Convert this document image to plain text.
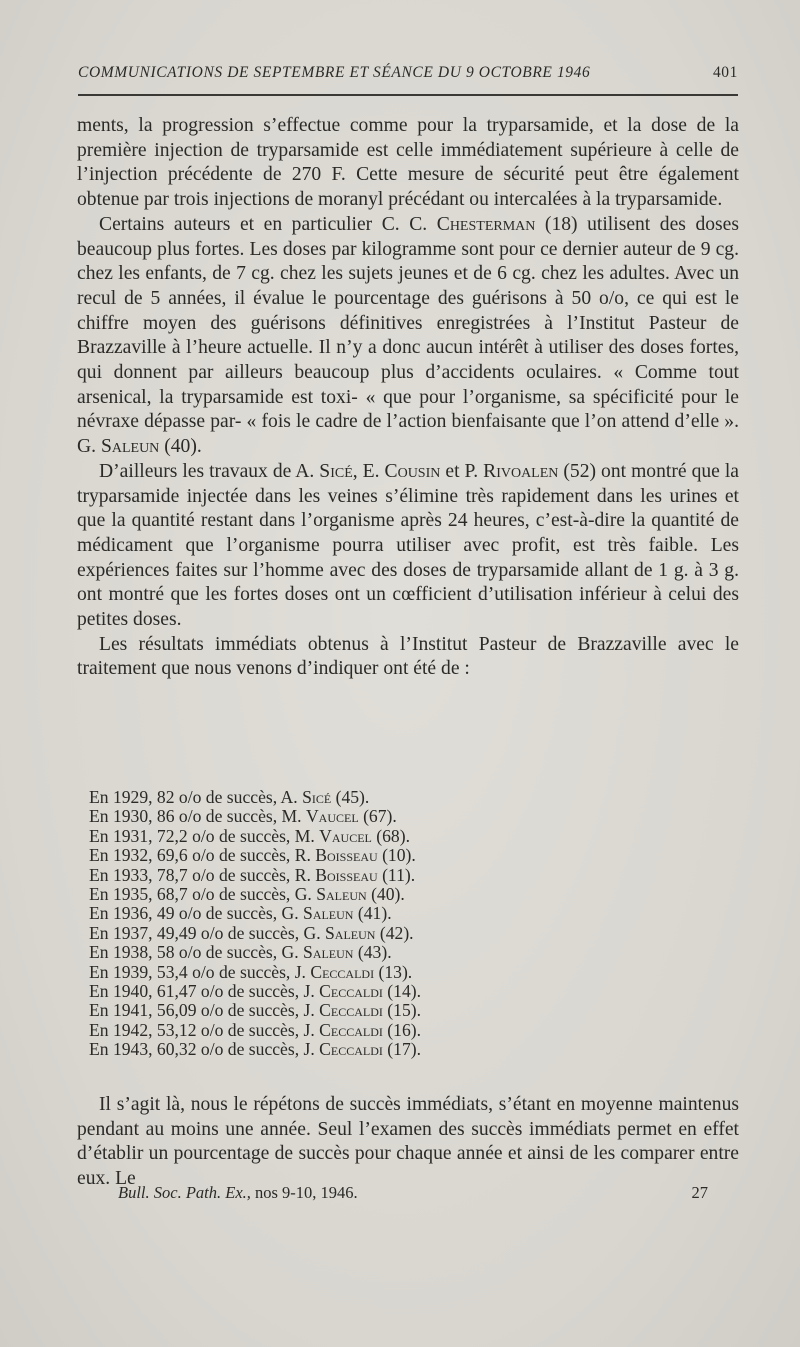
COMMUNICATIONS DE SEPTEMBRE ET SÉANCE DU 9 OCTOBRE 1946	401

ments, la progression s’effectue comme pour la tryparsamide, et la dose de la première injection de tryparsamide est celle immédiatement supérieure à celle de l’injection précédente de 270 F. Cette mesure de sécurité peut être également obtenue par trois injections de moranyl précédant ou intercalées à la tryparsamide.

Certains auteurs et en particulier C. C. Chesterman (18) utilisent des doses beaucoup plus fortes. Les doses par kilogramme sont pour ce dernier auteur de 9 cg. chez les enfants, de 7 cg. chez les sujets jeunes et de 6 cg. chez les adultes. Avec un recul de 5 années, il évalue le pourcentage des guérisons à 50 o/o, ce qui est le chiffre moyen des guérisons définitives enregistrées à l’Institut Pasteur de Brazzaville à l’heure actuelle. Il n’y a donc aucun intérêt à utiliser des doses fortes, qui donnent par ailleurs beaucoup plus d’accidents oculaires. « Comme tout arsenical, la tryparsamide est toxi- « que pour l’organisme, sa spécificité pour le névraxe dépasse par- « fois le cadre de l’action bienfaisante que l’on attend d’elle ». G. Saleun (40).

D’ailleurs les travaux de A. Sicé, E. Cousin et P. Rivoalen (52) ont montré que la tryparsamide injectée dans les veines s’élimine très rapidement dans les urines et que la quantité restant dans l’organisme après 24 heures, c’est-à-dire la quantité de médicament que l’organisme pourra utiliser avec profit, est très faible. Les expériences faites sur l’homme avec des doses de tryparsamide allant de 1 g. à 3 g. ont montré que les fortes doses ont un cœfficient d’utilisation inférieur à celui des petites doses.

Les résultats immédiats obtenus à l’Institut Pasteur de Brazzaville avec le traitement que nous venons d’indiquer ont été de :

En 1929, 82 o/o de succès, A. Sicé (45).
En 1930, 86 o/o de succès, M. Vaucel (67).
En 1931, 72,2 o/o de succès, M. Vaucel (68).
En 1932, 69,6 o/o de succès, R. Boisseau (10).
En 1933, 78,7 o/o de succès, R. Boisseau (11).
En 1935, 68,7 o/o de succès, G. Saleun (40).
En 1936, 49 o/o de succès, G. Saleun (41).
En 1937, 49,49 o/o de succès, G. Saleun (42).
En 1938, 58 o/o de succès, G. Saleun (43).
En 1939, 53,4 o/o de succès, J. Ceccaldi (13).
En 1940, 61,47 o/o de succès, J. Ceccaldi (14).
En 1941, 56,09 o/o de succès, J. Ceccaldi (15).
En 1942, 53,12 o/o de succès, J. Ceccaldi (16).
En 1943, 60,32 o/o de succès, J. Ceccaldi (17).

Il s’agit là, nous le répétons de succès immédiats, s’étant en moyenne maintenus pendant au moins une année. Seul l’examen des succès immédiats permet en effet d’établir un pourcentage de succès pour chaque année et ainsi de les comparer entre eux. Le

Bull. Soc. Path. Ex., nos 9-10, 1946.	27
